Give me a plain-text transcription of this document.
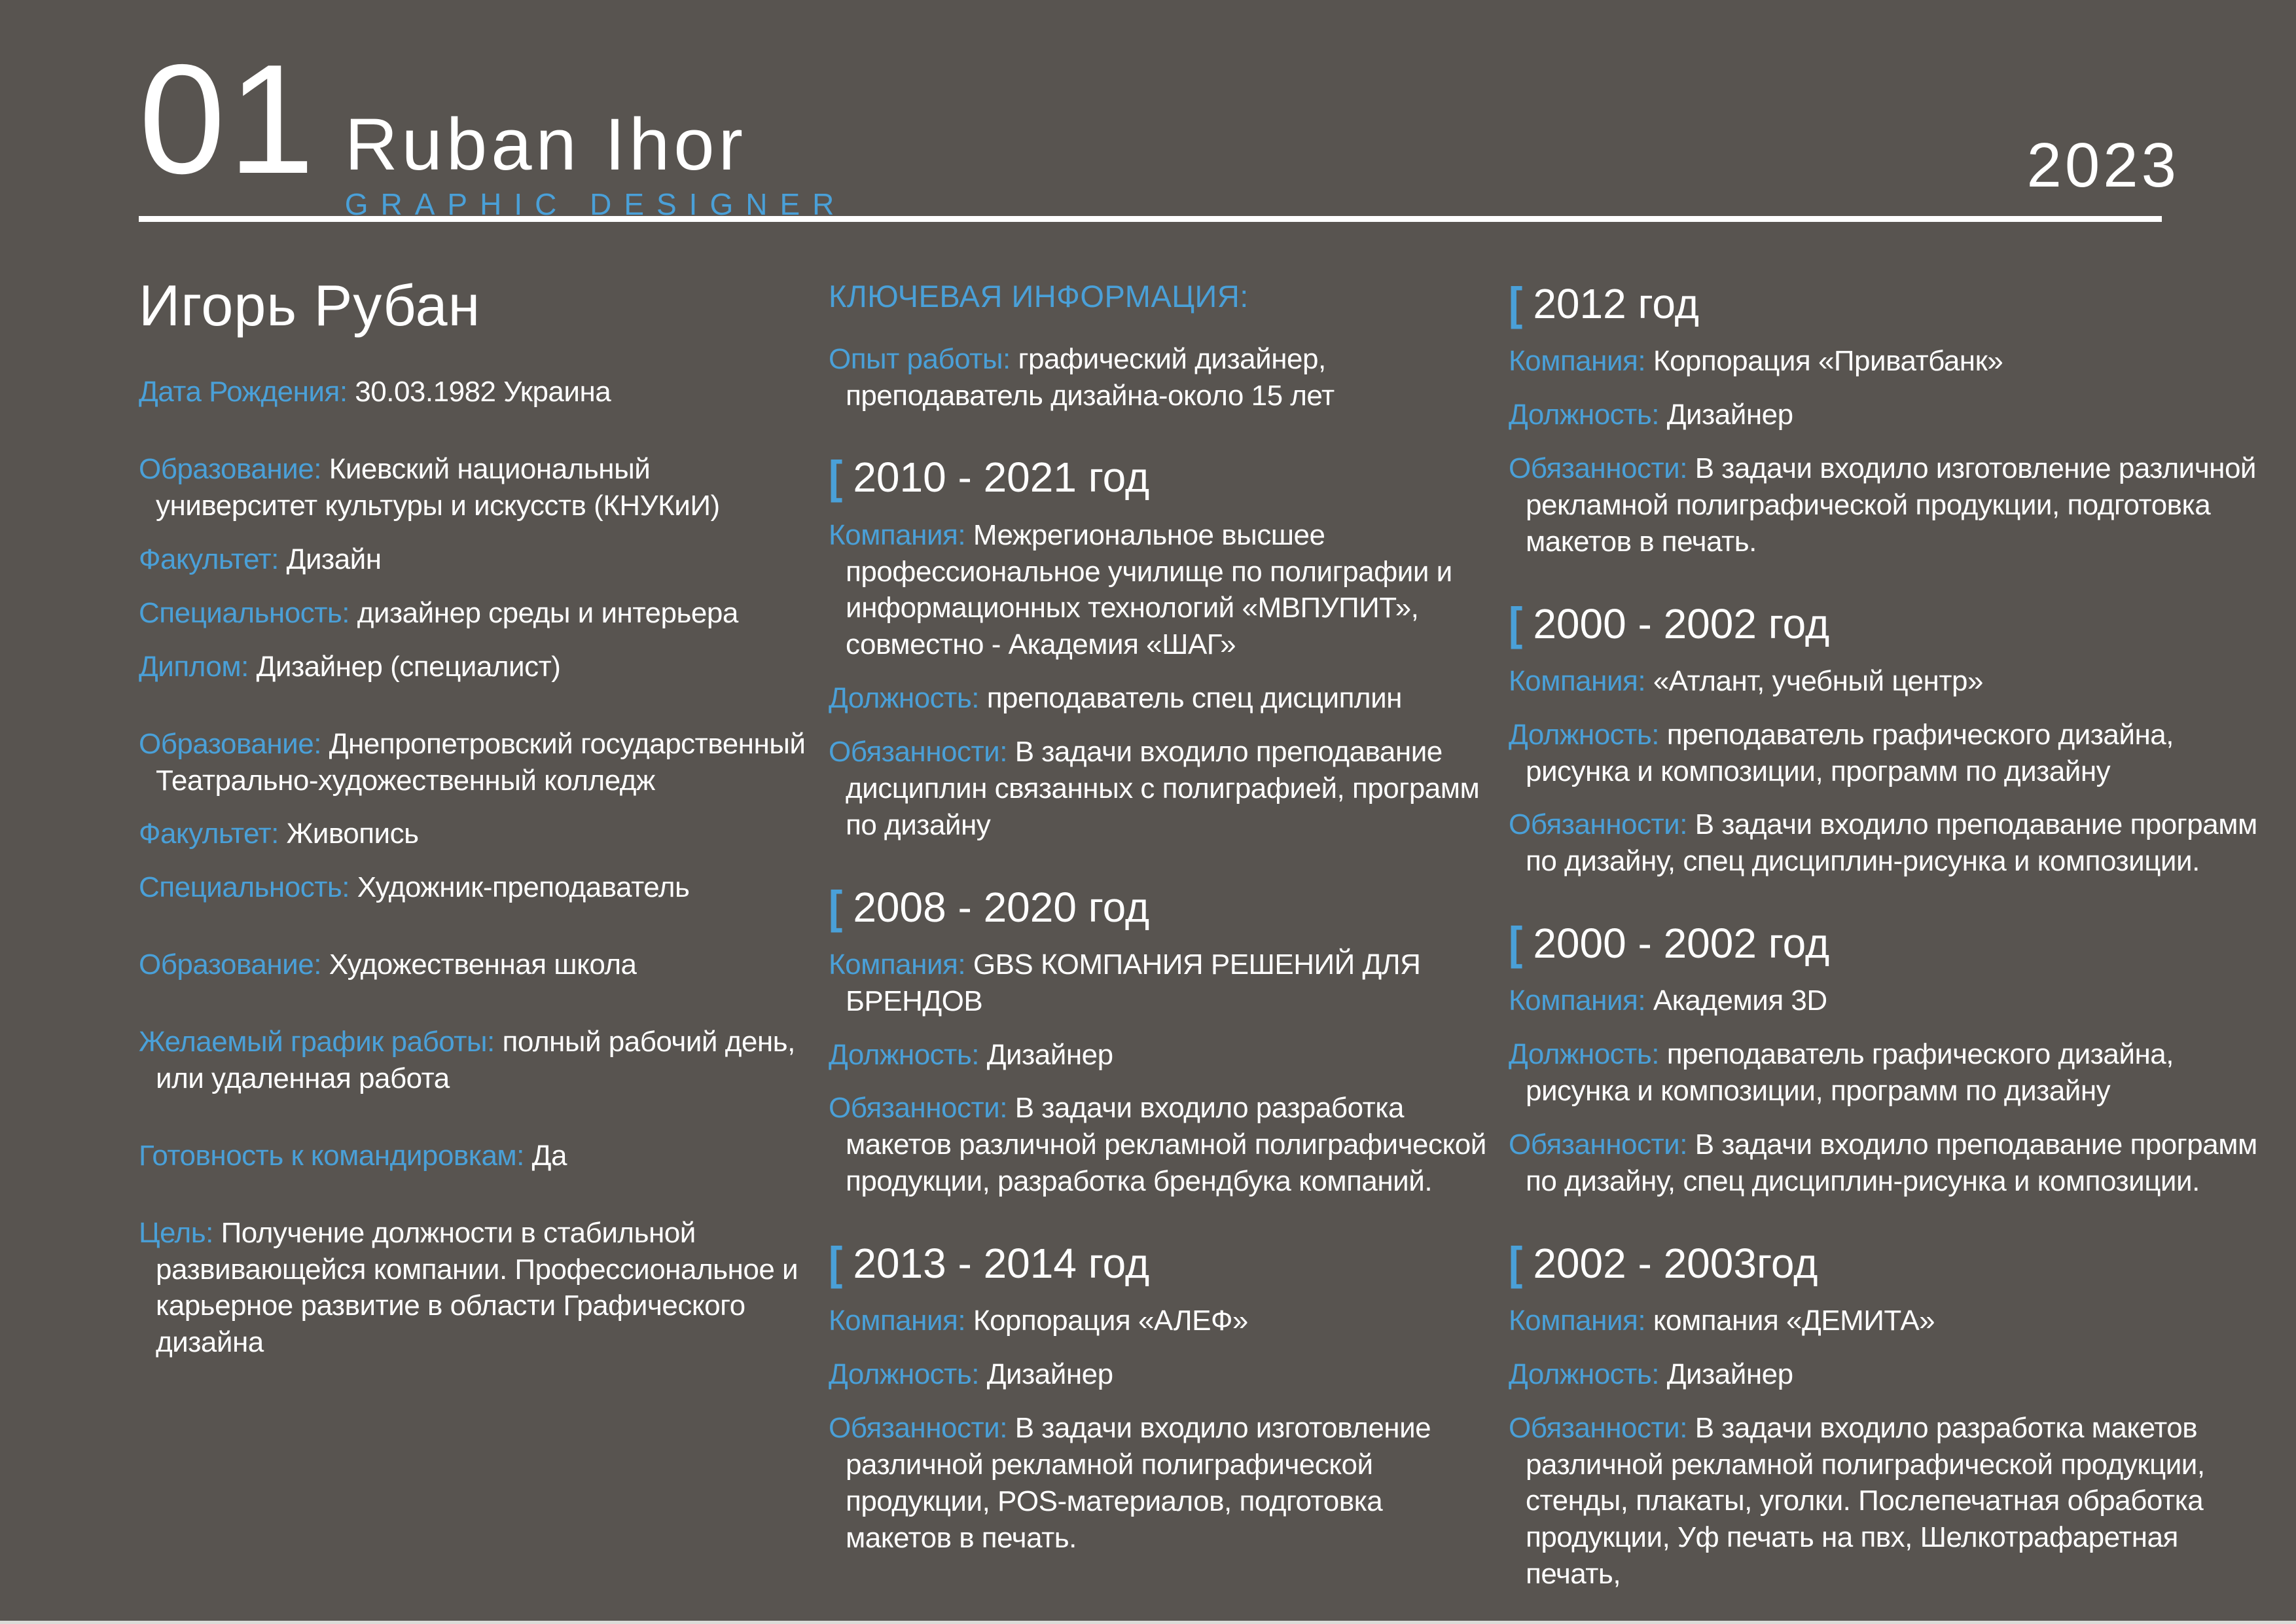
01 Ruban Ihor
GRAPHIC DESIGNER
2023
Игорь Рубан

Дата Рождения: 30.03.1982 Украина

Образование: Киевский национальный университет культуры и искусств (КНУКиИ)

Факультет: Дизайн

Специальность: дизайнер среды и интерьера

Диплом: Дизайнер (специалист)

Образование: Днепропетровский государственный Театрально-художественный колледж

Факультет: Живопись

Специальность: Художник-преподаватель

Образование: Художественная школа

Желаемый график работы: полный рабочий день, или удаленная работа

Готовность к командировкам: Да

Цель: Получение должности в стабильной развивающейся компании. Профессиональное и карьерное развитие в области Графического дизайна

КЛЮЧЕВАЯ ИНФОРМАЦИЯ:

Опыт работы: графический дизайнер, преподаватель дизайна-около 15 лет

[ 2010 - 2021 год

Компания: Межрегиональное высшее профессиональное училище по полиграфии и информационных технологий «МВПУПИТ», совместно - Академия «ШАГ»

Должность: преподаватель спец дисциплин

Обязанности: В задачи входило преподавание дисциплин связанных с полиграфией, программ по дизайну

[ 2008 - 2020 год

Компания: GBS КОМПАНИЯ РЕШЕНИЙ ДЛЯ БРЕНДОВ

Должность: Дизайнер

Обязанности: В задачи входило разработка макетов различной рекламной полиграфической продукции, разработка брендбука компаний.

[ 2013 - 2014 год

Компания: Корпорация «АЛЕФ»

Должность: Дизайнер

Обязанности: В задачи входило изготовление различной рекламной полиграфической продукции, POS-материалов, подготовка макетов в печать.

[ 2012 год

Компания: Корпорация «Приватбанк»

Должность: Дизайнер

Обязанности: В задачи входило изготовление различной рекламной полиграфической продукции, подготовка макетов в печать.

[ 2000 - 2002 год

Компания: «Атлант, учебный центр»

Должность: преподаватель графического дизайна, рисунка и композиции, программ по дизайну

Обязанности: В задачи входило преподавание программ по дизайну, спец дисциплин-рисунка и композиции.

[ 2000 - 2002 год

Компания: Академия 3D

Должность: преподаватель графического дизайна, рисунка и композиции, программ по дизайну

Обязанности: В задачи входило преподавание программ по дизайну, спец дисциплин-рисунка и композиции.

[ 2002 - 2003год

Компания: компания «ДЕМИТА»

Должность: Дизайнер

Обязанности: В задачи входило разработка макетов различной рекламной полиграфической продукции, стенды, плакаты, уголки. Послепечатная обработка продукции, Уф печать на пвх, Шелкотрафаретная печать,
